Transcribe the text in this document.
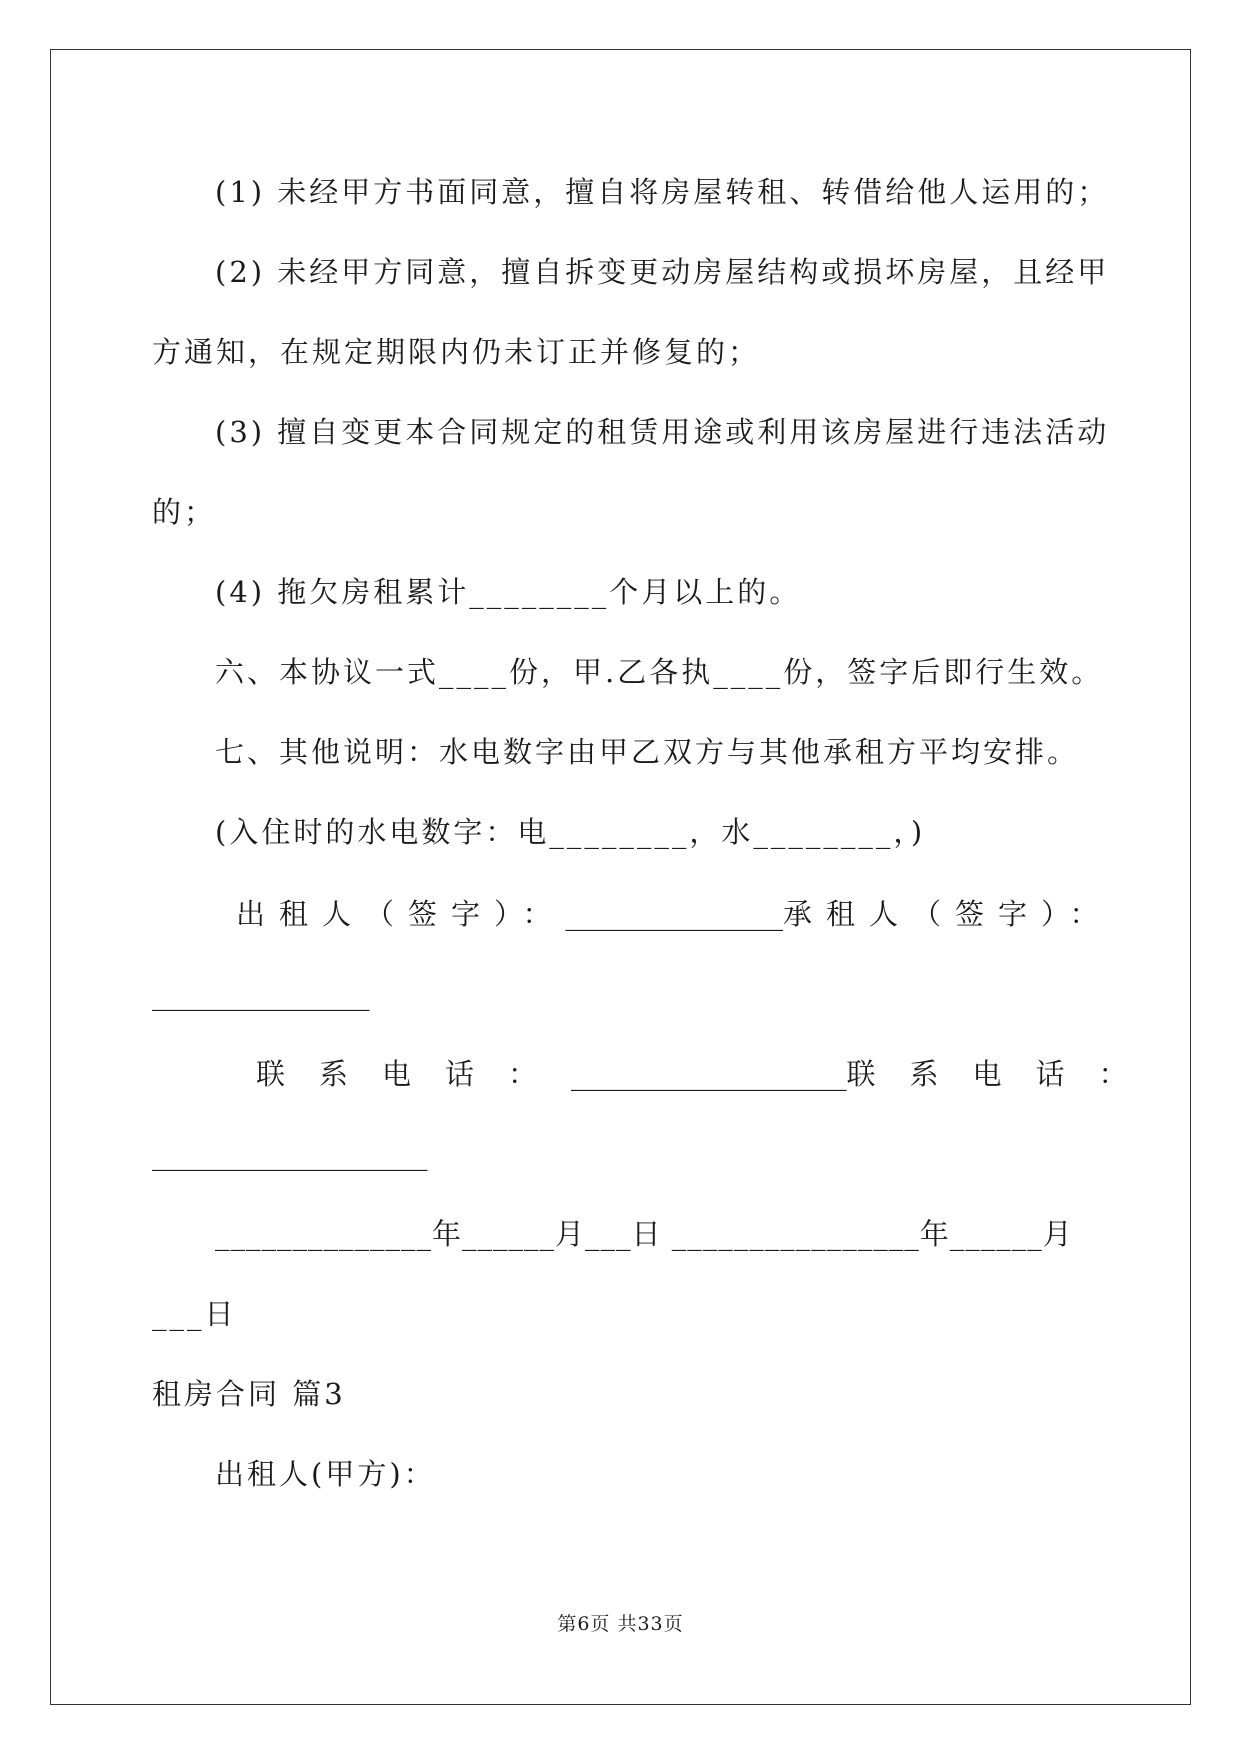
(1) 未经甲方书面同意，擅自将房屋转租、转借给他人运用的；
(2) 未经甲方同意，擅自拆变更动房屋结构或损坏房屋，且经甲
方通知，在规定期限内仍未订正并修复的；
(3) 擅自变更本合同规定的租赁用途或利用该房屋进行违法活动
的；
(4) 拖欠房租累计________个月以上的。
六、本协议一式____份，甲.乙各执____份，签字后即行生效。
七、其他说明：水电数字由甲乙双方与其他承租方平均安排。
(入住时的水电数字：电________，水________，)
出租人（签字）： _______________ 承租人（签字）：
_______________
联系电话： ___________________ 联系电话：
___________________
______________年______月___日 ________________年______月
___日
租房合同 篇3
出租人(甲方)：
第6页 共33页
